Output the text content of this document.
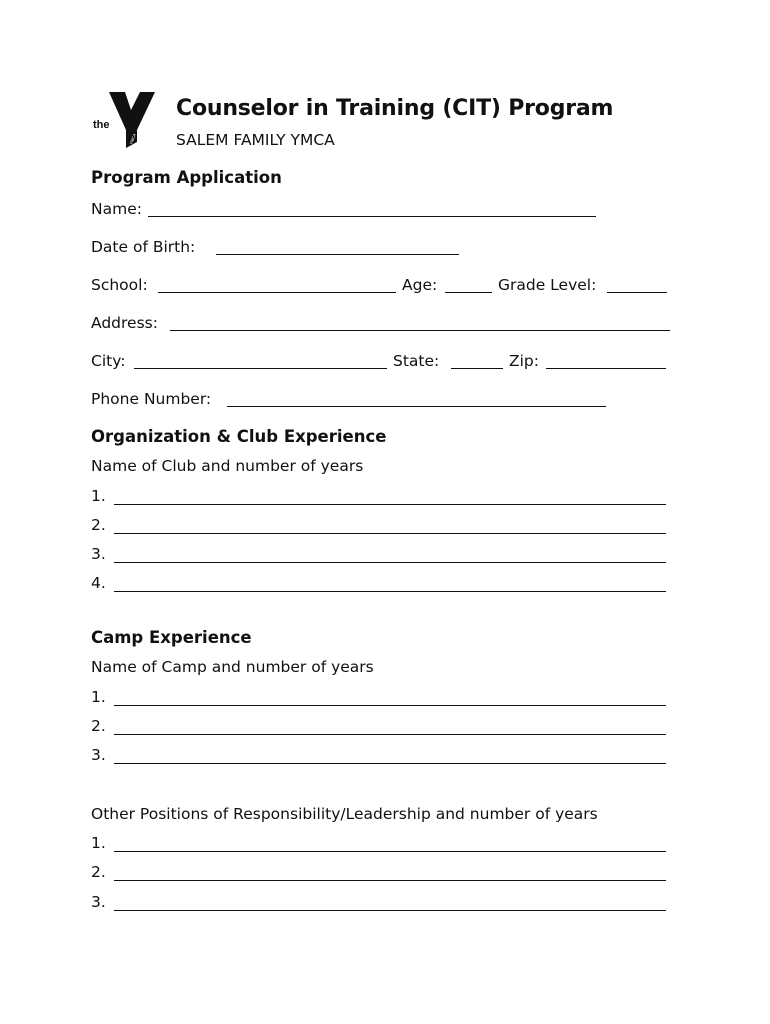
the
YMCA
Counselor in Training (CIT) Program
SALEM FAMILY YMCA
Program Application
Name:
Date of Birth:
School:	Age:	Grade Level:
Address:
City:	State:	Zip:
Phone Number:
Organization & Club Experience
Name of Club and number of years
1.
2.
3.
4.
Camp Experience
Name of Camp and number of years
1.
2.
3.
Other Positions of Responsibility/Leadership and number of years
1.
2.
3.
